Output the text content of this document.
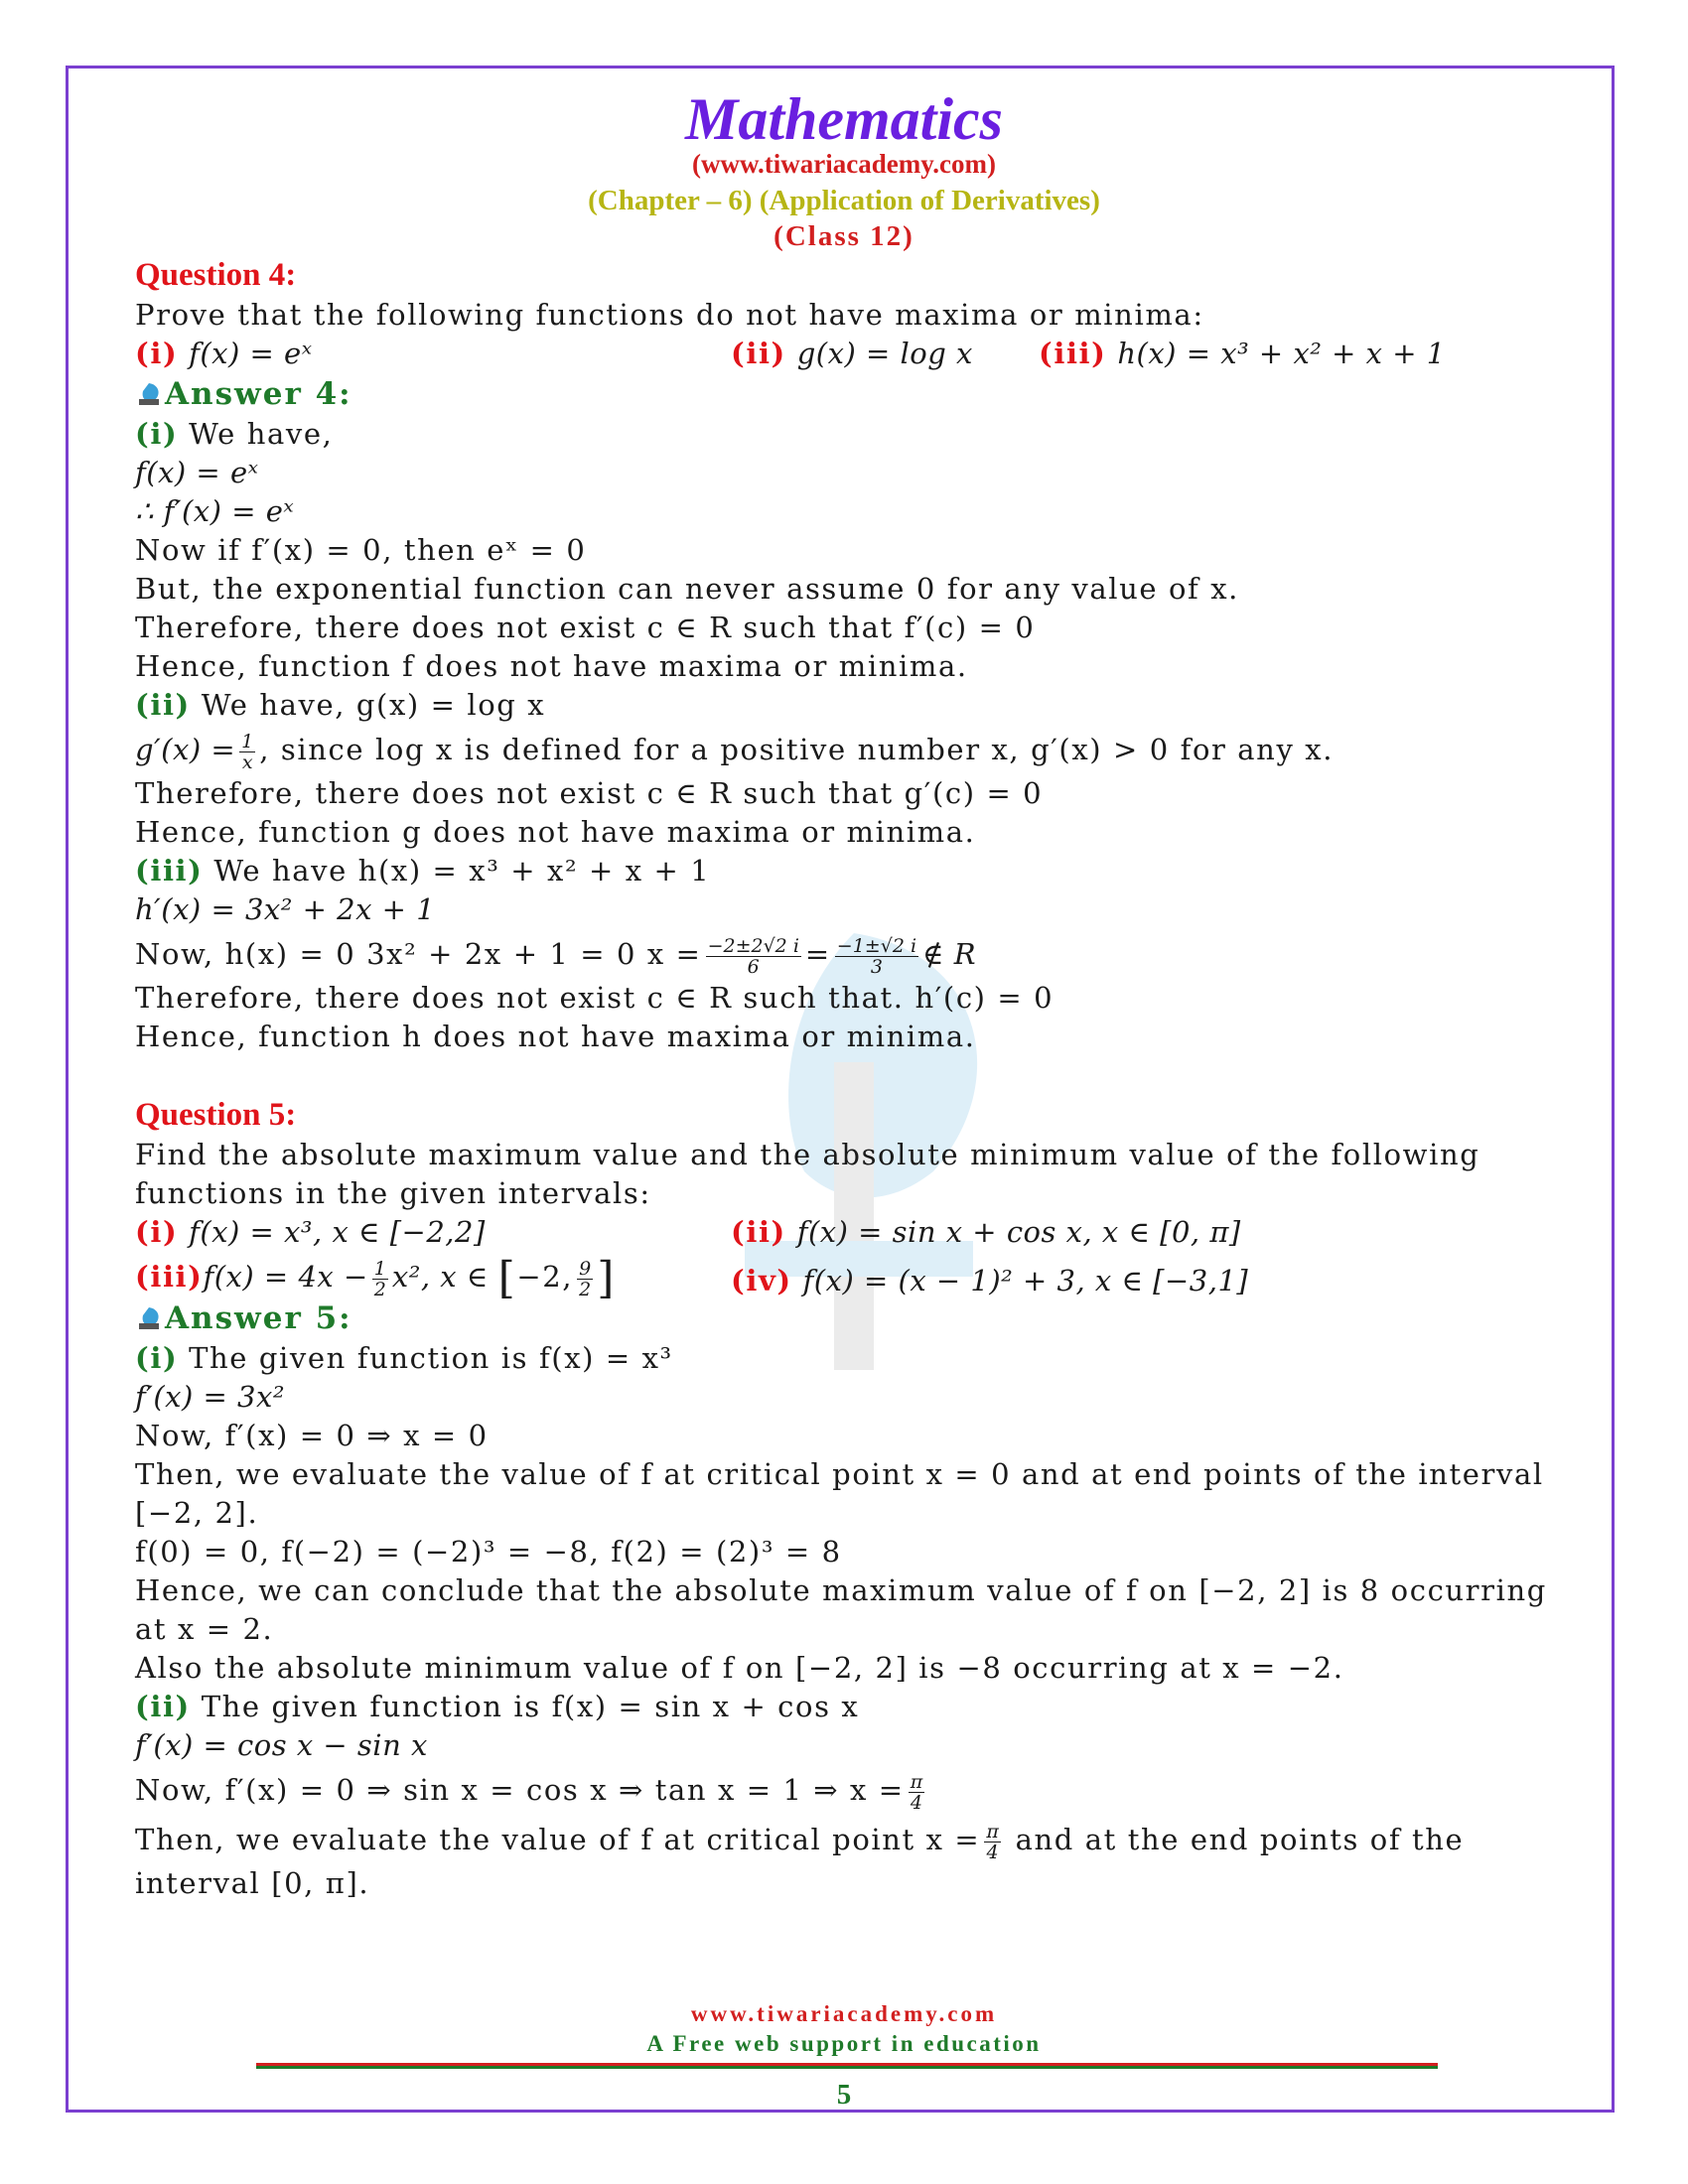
Mathematics
(www.tiwariacademy.com)
(Chapter – 6) (Application of Derivatives)
(Class 12)
Question 4:
Prove that the following functions do not have maxima or minima:
(i) f(x) = eˣ	(ii) g(x) = log x (iii) h(x) = x³ + x² + x + 1
Answer 4:
(i) We have,
f(x) = eˣ
∴ f′(x) = eˣ
Now if f′(x) = 0, then eˣ = 0
But, the exponential function can never assume 0 for any value of x.
Therefore, there does not exist c ∈ R such that f′(c) = 0
Hence, function f does not have maxima or minima.
(ii) We have, g(x) = log x
$g'(x) = \frac{1}{x}$ , since log x is defined for a positive number x, g′(x) > 0 for any x.
Therefore, there does not exist c ∈ R such that g′(c) = 0
Hence, function g does not have maxima or minima.
(iii) We have h(x) = x³ + x² + x + 1
h′(x) = 3x² + 2x + 1
Now, h(x) = 0 3x² + 2x + 1 = 0 $x = \frac{-2\pm 2√2 i}{6} = \frac{-1\pm√2 i}{3}$ ∉ R
Therefore, there does not exist c ∈ R such that. h′(c) = 0
Hence, function h does not have maxima or minima.
Question 5:
Find the absolute maximum value and the absolute minimum value of the following
functions in the given intervals:
(i) f(x) = x³, x ∈ [−2,2]	(ii) f(x) = sin x + cos x, x ∈ [0, π]
$(iii)f(x) = 4x - \frac{1}{2} x^2$, x ∈ [−2, $\frac{9}{2}$ ]	(iv) f(x) = (x − 1)² + 3, x ∈ [−3,1]
Answer 5:
(i) The given function is f(x) = x³
f′(x) = 3x²
Now, f′(x) = 0 ⇒ x = 0
Then, we evaluate the value of f at critical point x = 0 and at end points of the interval
[−2, 2].
f(0) = 0, f(−2) = (−2)³ = −8, f(2) = (2)³ = 8
Hence, we can conclude that the absolute maximum value of f on [−2, 2] is 8 occurring
at x = 2.
Also the absolute minimum value of f on [−2, 2] is −8 occurring at x = −2.
(ii) The given function is f(x) = sin x + cos x
f′(x) = cos x − sin x
Now, f′(x) = 0 ⇒ sin x = cos x ⇒ tan x = 1 ⇒ $x = \frac{\pi}{4}$
Then, we evaluate the value of f at critical point $x = \frac{\pi}{4}$ and at the end points of the
interval [0, π].
www.tiwariacademy.com
A Free web support in education
5
